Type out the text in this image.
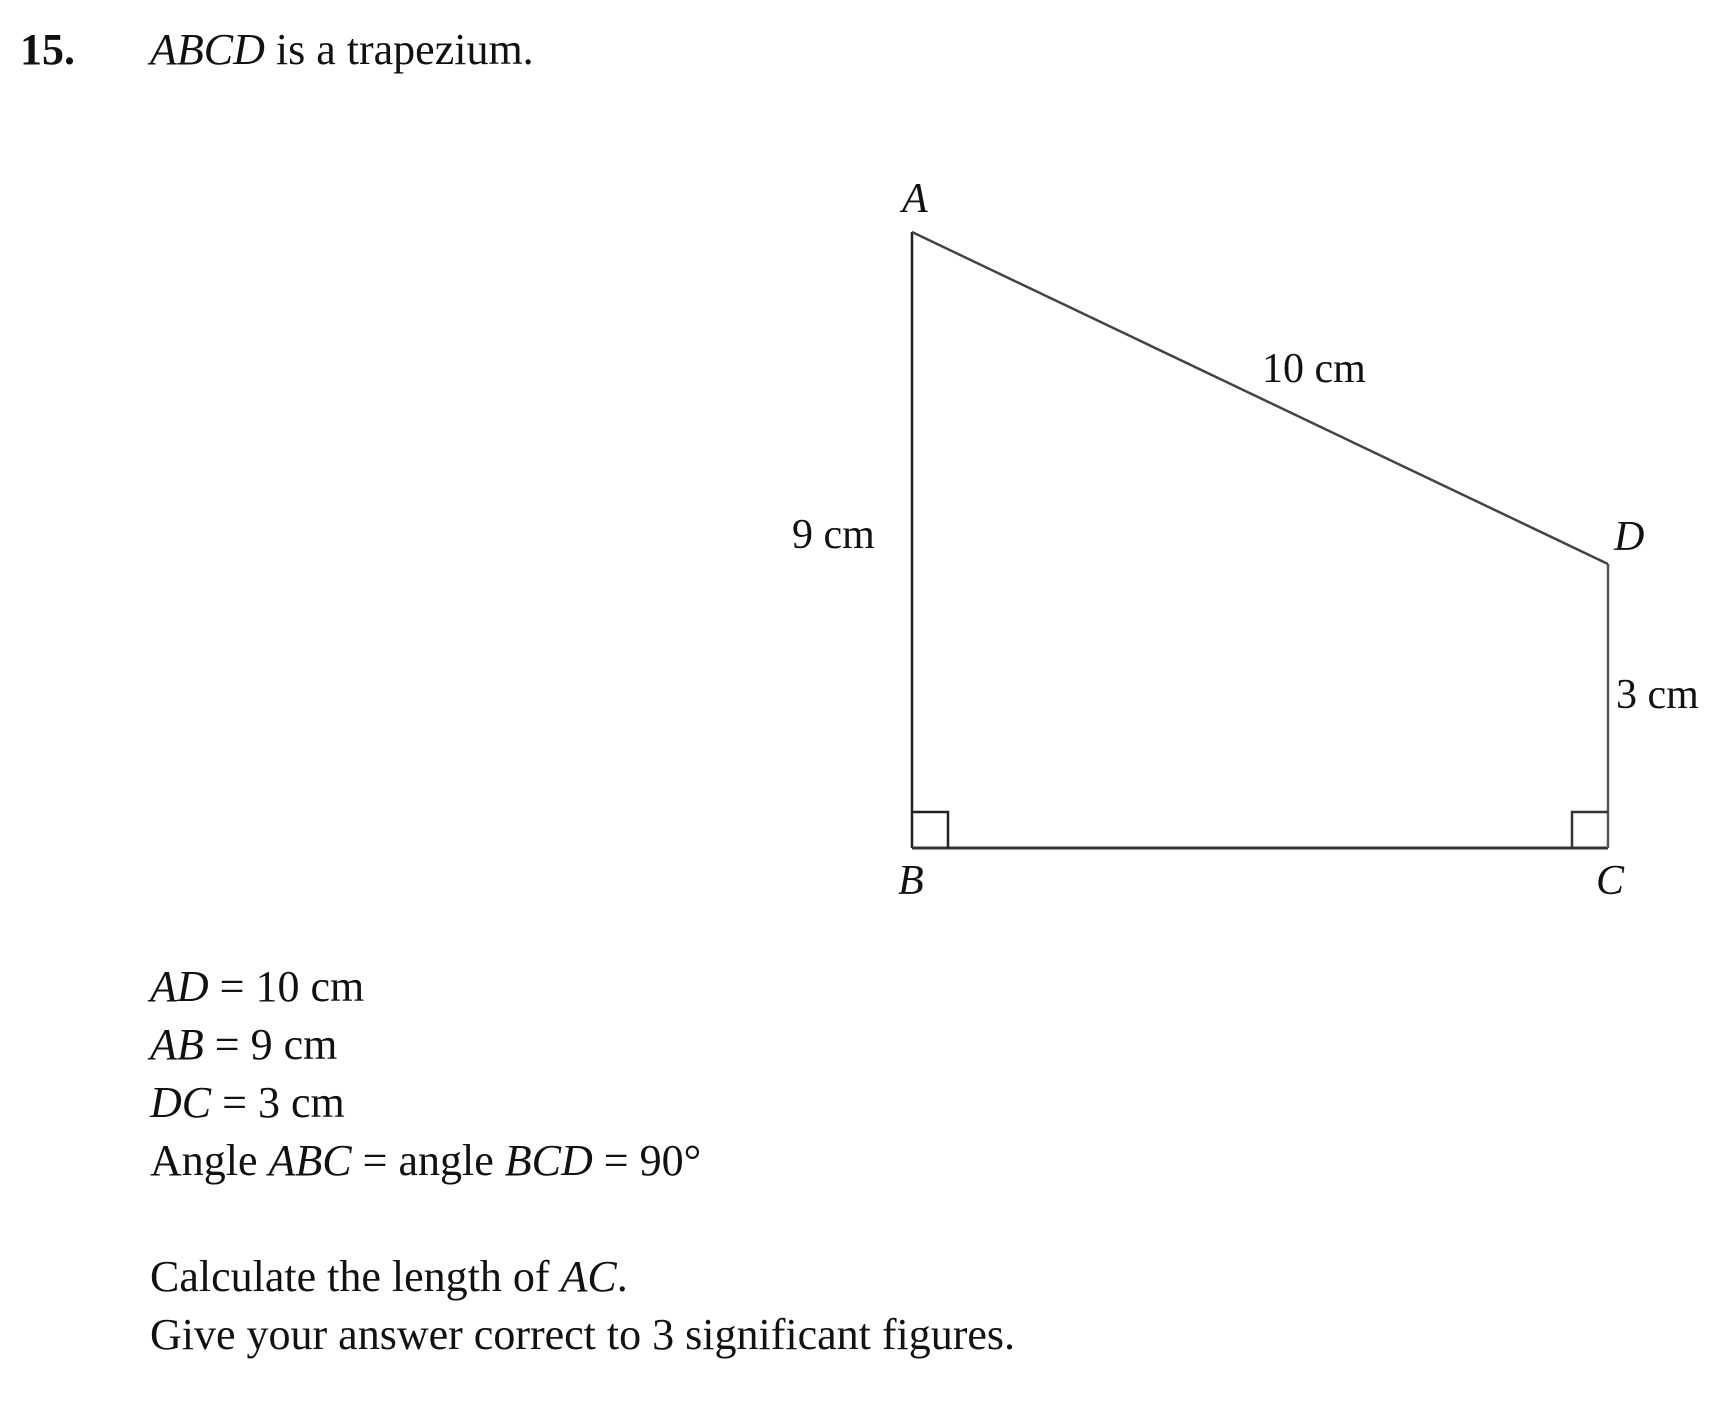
15. ABCD is a trapezium.
A
B	C
D
10 cm
9 cm
3 cm
AD = 10 cm
AB = 9 cm
DC = 3 cm
Angle ABC = angle BCD = 90°
Calculate the length of AC.
Give your answer correct to 3 significant figures.
